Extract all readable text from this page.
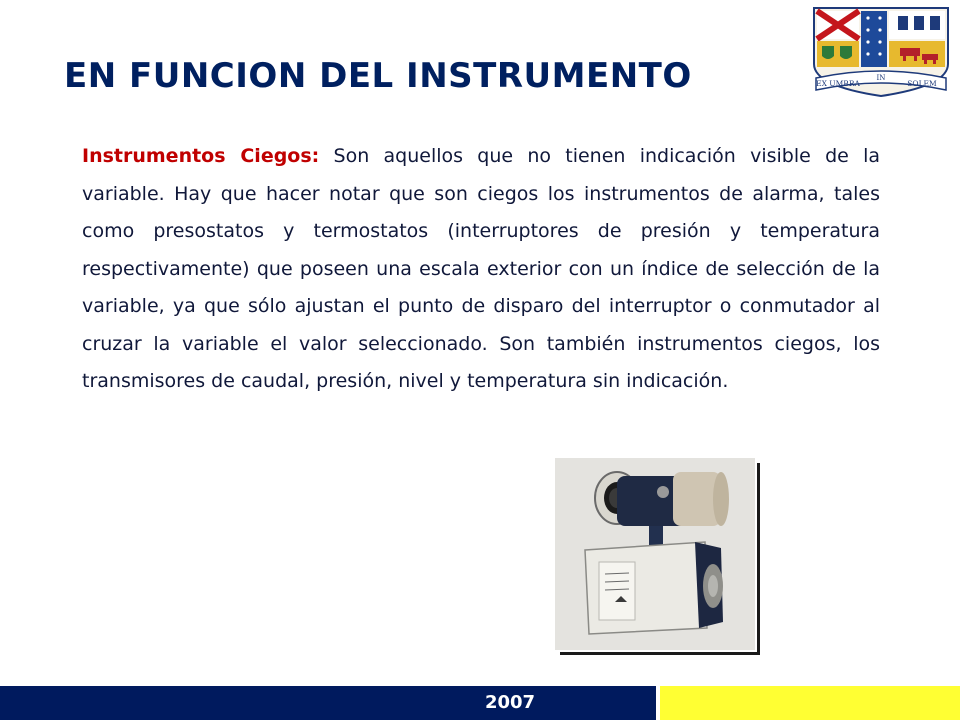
EN FUNCION DEL INSTRUMENTO	EX UMBRA
IN
SOLEM

Instrumentos Ciegos: Son aquellos que no tienen indicación visible de la variable. Hay que hacer notar que son ciegos los instrumentos de alarma, tales como presostatos y termostatos (interruptores de presión y temperatura respectivamente) que poseen una escala exterior con un índice de selección de la variable, ya que sólo ajustan el punto de disparo del interruptor o conmutador al cruzar la variable el valor seleccionado. Son también instrumentos ciegos, los transmisores de caudal, presión, nivel y temperatura sin indicación.

2007
